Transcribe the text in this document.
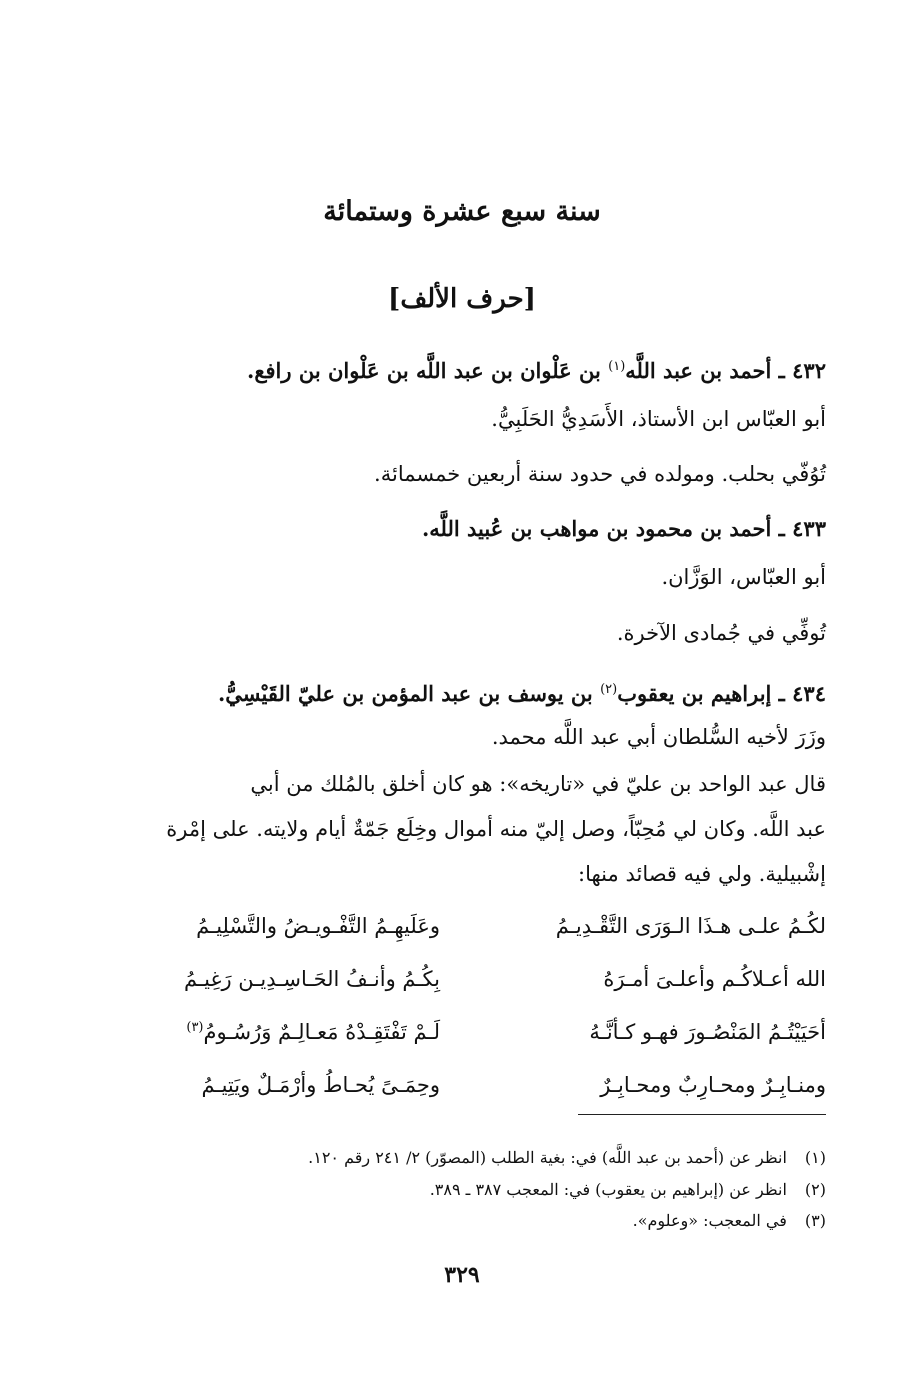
سنة سبع عشرة وستمائة
[حرف الألف]
٤٣٢ ـ أحمد بن عبد اللَّه$^{(١)}$ بن عَلْوان بن عبد اللَّه بن عَلْوان بن رافع.
أبو العبّاس ابن الأستاذ، الأَسَدِيُّ الحَلَبِيُّ.
تُوُفّي بحلب. ومولده في حدود سنة أربعين خمسمائة.
٤٣٣ ـ أحمد بن محمود بن مواهب بن عُبيد اللَّه.
أبو العبّاس، الوَزَّان.
تُوفِّي في جُمادى الآخرة.
٤٣٤ ـ إبراهيم بن يعقوب$^{(٢)}$ بن يوسف بن عبد المؤمن بن عليّ القَيْسِيُّ.
وزَرَ لأخيه السُّلطان أبي عبد اللَّه محمد.
قال عبد الواحد بن عليّ في «تاريخه»: هو كان أخلق بالمُلك من أبي
عبد اللَّه. وكان لي مُحِبّاً، وصل إليّ منه أموال وخِلَع جَمّةٌ أيام ولايته. على إمْرة
إشْبيلية. ولي فيه قصائد منها:
لكُـمُ علـى هـذَا الـوَرَى التَّقْـدِيـمُ
وعَلَيهِـمُ التَّفْـويـضُ والتَّسْلِيـمُ
الله أعـلاكُـم وأعلـىَ أمـرَهُ
بِكُـمُ وأنـفُ الحَـاسِـدِيـن رَغِيـمُ
أحَيَيْتُـمُ المَنْصُـورَ فهـو كـأنَّـهُ
لَـمْ تَفْتَقِـدْهُ مَعـالِـمٌ وَرُسُـومُ$^{(٣)}$
ومنـابِـرٌ ومحـارِبٌ ومحـابِـرٌ
وحِمَـىً يُحـاطُ وأرْمَـلٌ ويَتِيـمُ
(١)انظر عن (أحمد بن عبد اللَّه) في: بغية الطلب (المصوّر) ٢/ ٢٤١ رقم ١٢٠.
(٢)انظر عن (إبراهيم بن يعقوب) في: المعجب ٣٨٧ ـ ٣٨٩.
(٣)في المعجب: «وعلوم».
٣٢٩
